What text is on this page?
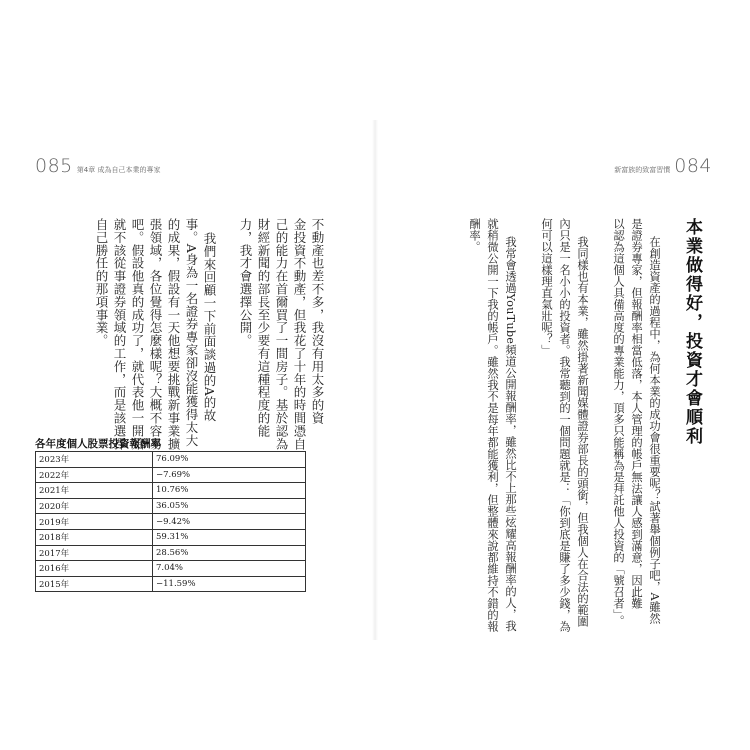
085 第4章 成為自己本業的專家
不動產也差不多，我沒有用太多的資
金投資不動產，但我花了十年的時間憑自
己的能力在首爾買了一間房子。基於認為
財經新聞的部長至少要有這種程度的能
力，我才會選擇公開。
我們來回顧一下前面談過的A的故
事。A身為一名證券專家卻沒能獲得太大
的成果，假設有一天他想要挑戰新事業擴
張領域，各位覺得怎麼樣呢？大概不容易
吧。假設他真的成功了，就代表他一開始
就不該從事證券領域的工作，而是該選擇
自己勝任的那項事業。
各年度個人股票投資報酬率
2023年	76.09%
2022年	−7.69%
2021年	10.76%
2020年	36.05%
2019年	−9.42%
2018年	59.31%
2017年	28.56%
2016年	7.04%
2015年	−11.59%
新富族的致富習慣 084
本業做得好，投資才會順利
在創造資產的過程中，為何本業的成功會很重要呢？試著舉個例子吧，A雖然
是證券專家，但報酬率相當低落，本人管理的帳戶無法讓人感到滿意，因此難
以認為這個人具備高度的專業能力，頂多只能稱為是拜託他人投資的「號召者」。
我同樣也有本業，雖然掛著新聞媒體證券部長的頭銜，但我個人在合法的範圍
內只是一名小小的投資者。我常聽到的一個問題就是：「你到底是賺了多少錢，為
何可以這樣理直氣壯呢？」
我常會透過YouTube頻道公開報酬率，雖然比不上那些炫耀高報酬率的人，我
就稍微公開一下我的帳戶。雖然我不是每年都能獲利，但整體來說都維持不錯的報
酬率。
